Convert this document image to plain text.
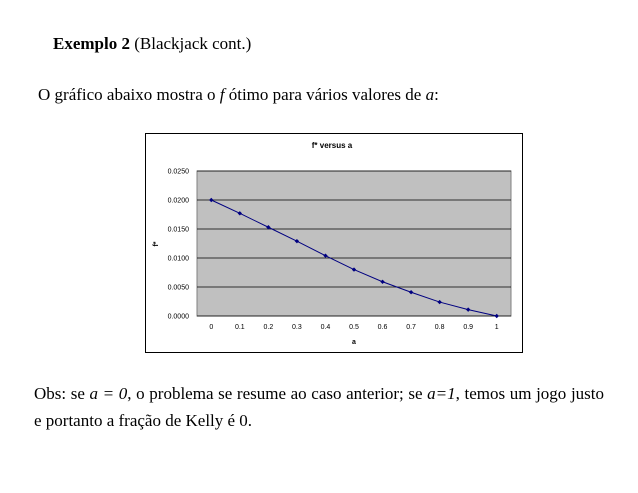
Exemplo 2 (Blackjack cont.)
O gráfico abaixo mostra o f ótimo para vários valores de a:
f* versus a
0.0000
0.0050
0.0100
0.0150
0.0200
0.0250
0	0.1	0.2	0.3	0.4	0.5	0.6	0.7	0.8	0.9	1
a
f*
Obs: se a = 0, o problema se resume ao caso anterior; se a=1, temos um jogo justo e portanto a fração de Kelly é 0.
